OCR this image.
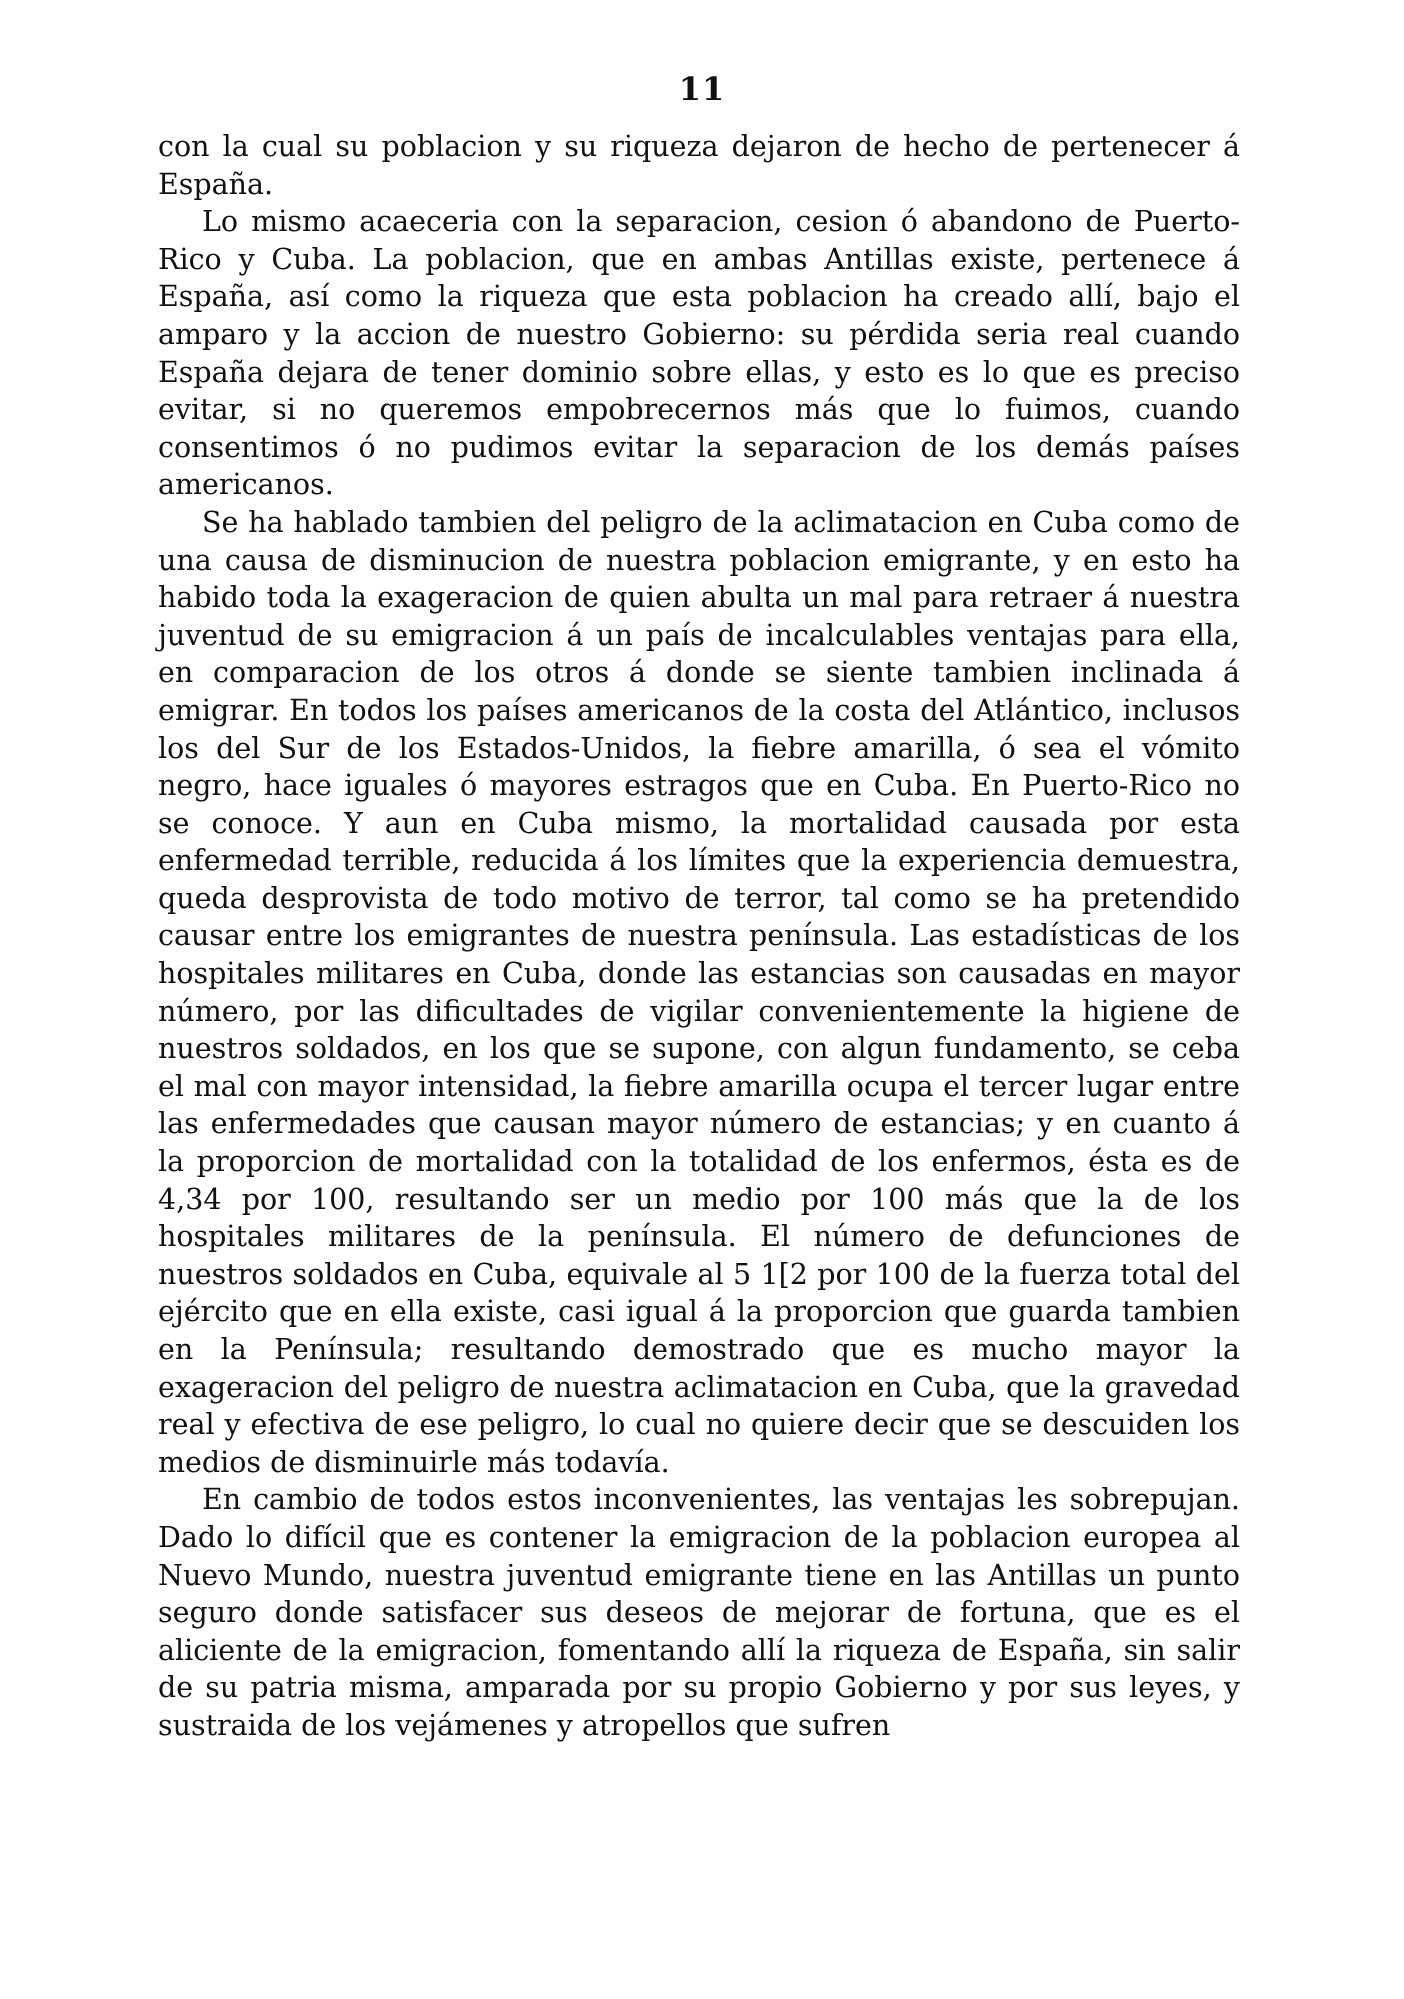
11

con la cual su poblacion y su riqueza dejaron de hecho de pertenecer á España.

Lo mismo acaeceria con la separacion, cesion ó abandono de Puerto-Rico y Cuba. La poblacion, que en ambas Antillas existe, pertenece á España, así como la riqueza que esta poblacion ha creado allí, bajo el amparo y la accion de nuestro Gobierno: su pérdida seria real cuando España dejara de tener dominio sobre ellas, y esto es lo que es preciso evitar, si no queremos empobrecernos más que lo fuimos, cuando consentimos ó no pudimos evitar la separacion de los demás países americanos.

Se ha hablado tambien del peligro de la aclimatacion en Cuba como de una causa de disminucion de nuestra poblacion emigrante, y en esto ha habido toda la exageracion de quien abulta un mal para retraer á nuestra juventud de su emigracion á un país de incalculables ventajas para ella, en comparacion de los otros á donde se siente tambien inclinada á emigrar. En todos los países americanos de la costa del Atlántico, inclusos los del Sur de los Estados-Unidos, la fiebre amarilla, ó sea el vómito negro, hace iguales ó mayores estragos que en Cuba. En Puerto-Rico no se conoce. Y aun en Cuba mismo, la mortalidad causada por esta enfermedad terrible, reducida á los límites que la experiencia demuestra, queda desprovista de todo motivo de terror, tal como se ha pretendido causar entre los emigrantes de nuestra península. Las estadísticas de los hospitales militares en Cuba, donde las estancias son causadas en mayor número, por las dificultades de vigilar convenientemente la higiene de nuestros soldados, en los que se supone, con algun fundamento, se ceba el mal con mayor intensidad, la fiebre amarilla ocupa el tercer lugar entre las enfermedades que causan mayor número de estancias; y en cuanto á la proporcion de mortalidad con la totalidad de los enfermos, ésta es de 4,34 por 100, resultando ser un medio por 100 más que la de los hospitales militares de la península. El número de defunciones de nuestros soldados en Cuba, equivale al 5 1[2 por 100 de la fuerza total del ejército que en ella existe, casi igual á la proporcion que guarda tambien en la Península; resultando demostrado que es mucho mayor la exageracion del peligro de nuestra aclimatacion en Cuba, que la gravedad real y efectiva de ese peligro, lo cual no quiere decir que se descuiden los medios de disminuirle más todavía.

En cambio de todos estos inconvenientes, las ventajas les sobrepujan. Dado lo difícil que es contener la emigracion de la poblacion europea al Nuevo Mundo, nuestra juventud emigrante tiene en las Antillas un punto seguro donde satisfacer sus deseos de mejorar de fortuna, que es el aliciente de la emigracion, fomentando allí la riqueza de España, sin salir de su patria misma, amparada por su propio Gobierno y por sus leyes, y sustraida de los vejámenes y atropellos que sufren
